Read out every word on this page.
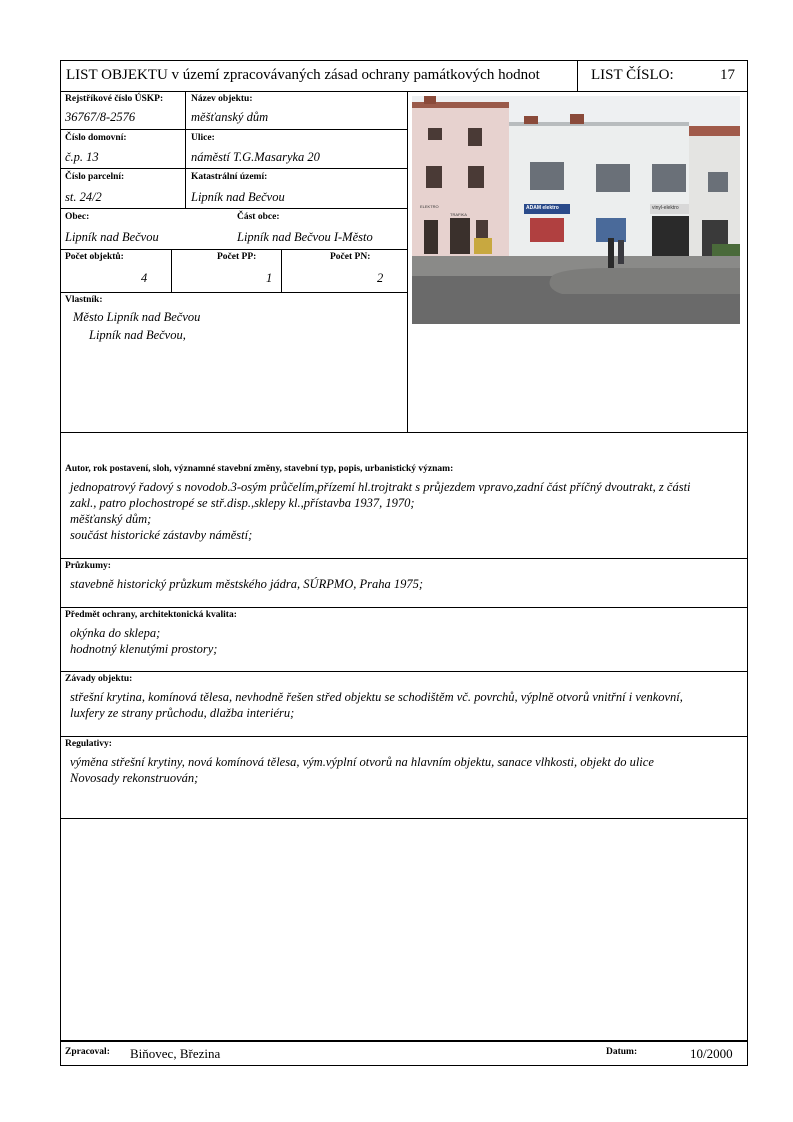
LIST OBJEKTU v území zpracovávaných zásad ochrany památkových hodnot	LIST ČÍSLO:	17
Rejstříkové číslo ÚSKP:
36767/8-2576
Název objektu:
měšťanský dům
Číslo domovní:
č.p. 13
Ulice:
náměstí T.G.Masaryka 20
Číslo parcelní:
st. 24/2
Katastrální území:
Lipník nad Bečvou
Obec:
Lipník nad Bečvou
Část obce:
Lipník nad Bečvou I-Město
Počet objektů:
4
Počet PP:
1
Počet PN:
2
Vlastník:
Město Lipník nad Bečvou
Lipník nad Bečvou,
ELEKTRO
TRAFIKA
ADAM elektro	vinyl-elektro
Autor, rok postavení, sloh, významné stavební změny, stavební typ, popis, urbanistický význam:
jednopatrový řadový s novodob.3-osým průčelím,přízemí hl.trojtrakt s průjezdem vpravo,zadní část příčný dvoutrakt, z části
zakl., patro plochostropé se stř.disp.,sklepy kl.,přístavba 1937, 1970;
měšťanský dům;
součást historické zástavby náměstí;
Průzkumy:
stavebně historický průzkum městského jádra, SÚRPMO, Praha 1975;
Předmět ochrany, architektonická kvalita:
okýnka do sklepa;
hodnotný klenutými prostory;
Závady objektu:
střešní krytina, komínová tělesa, nevhodně řešen střed objektu se schodištěm vč. povrchů, výplně otvorů vnitřní i venkovní,
luxfery ze strany průchodu, dlažba interiéru;
Regulativy:
výměna střešní krytiny, nová komínová tělesa, vým.výplní otvorů na hlavním objektu, sanace vlhkosti, objekt do ulice
Novosady rekonstruován;
Zpracoval: Biňovec, Březina	Datum:	10/2000
